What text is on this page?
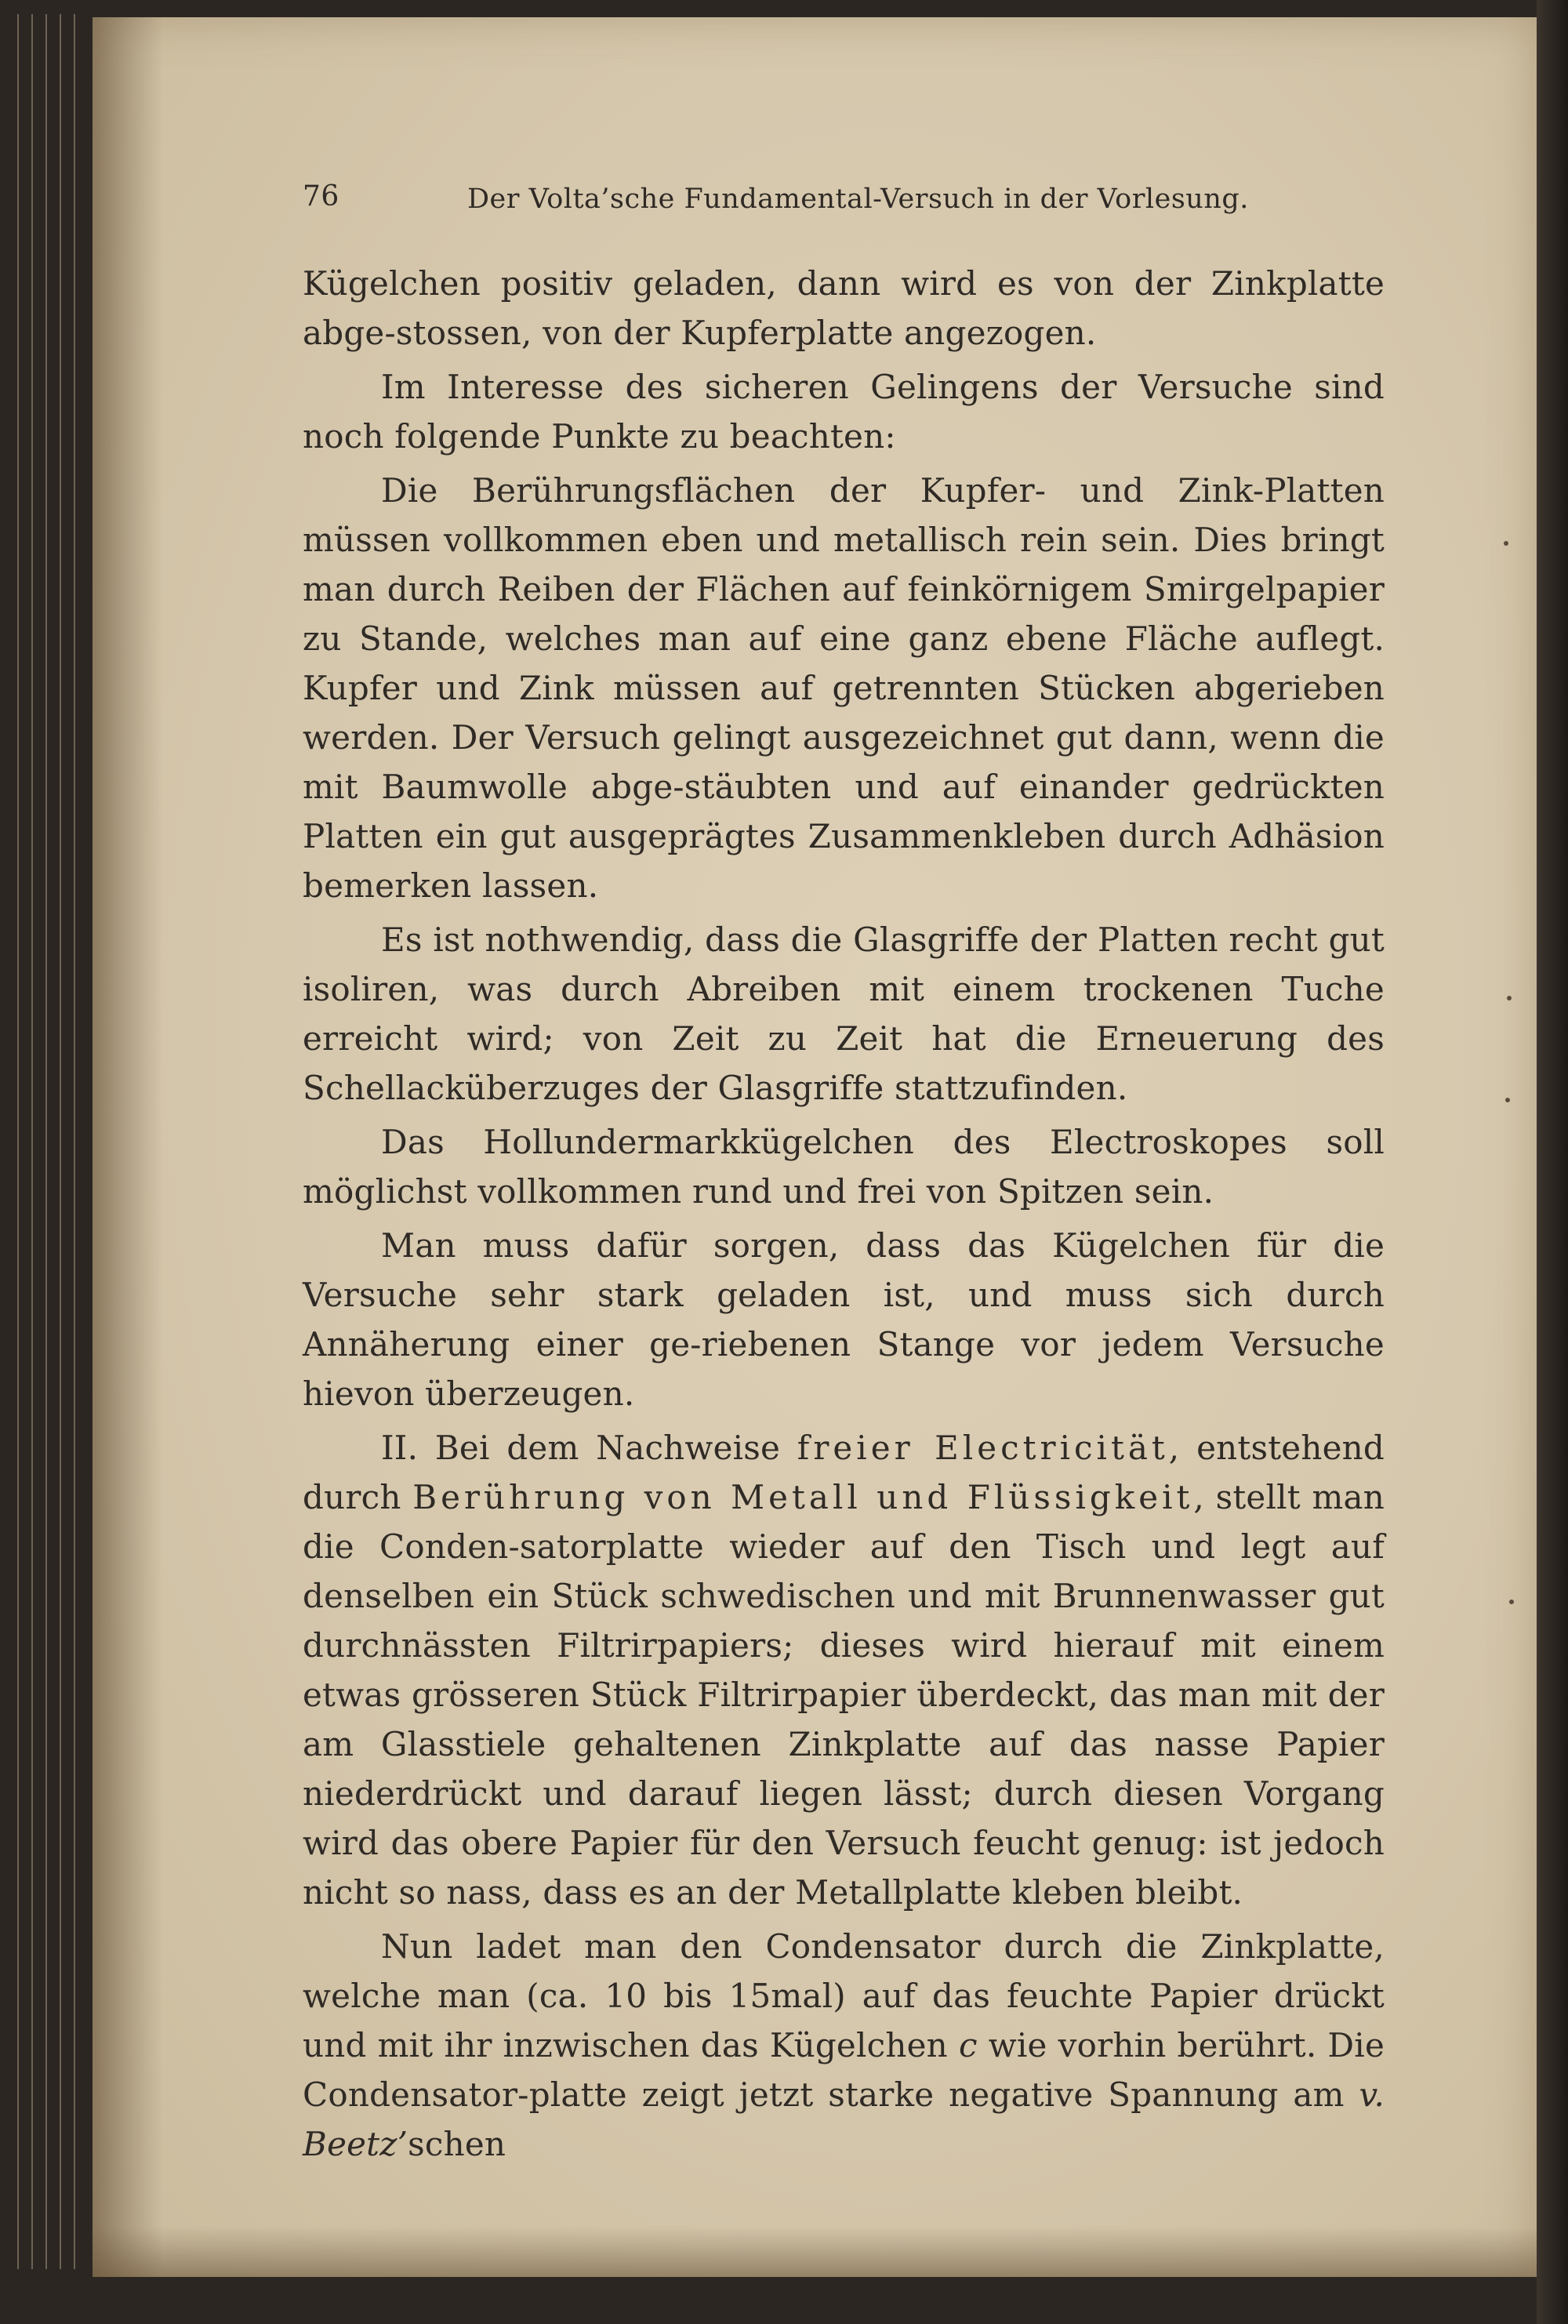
76	Der Volta’sche Fundamental-Versuch in der Vorlesung.

Kügelchen positiv geladen, dann wird es von der Zinkplatte abge-stossen, von der Kupferplatte angezogen.

Im Interesse des sicheren Gelingens der Versuche sind noch folgende Punkte zu beachten:

Die Berührungsflächen der Kupfer- und Zink-Platten müssen vollkommen eben und metallisch rein sein. Dies bringt man durch Reiben der Flächen auf feinkörnigem Smirgelpapier zu Stande, welches man auf eine ganz ebene Fläche auflegt. Kupfer und Zink müssen auf getrennten Stücken abgerieben werden. Der Versuch gelingt ausgezeichnet gut dann, wenn die mit Baumwolle abge-stäubten und auf einander gedrückten Platten ein gut ausgeprägtes Zusammenkleben durch Adhäsion bemerken lassen.

Es ist nothwendig, dass die Glasgriffe der Platten recht gut isoliren, was durch Abreiben mit einem trockenen Tuche erreicht wird; von Zeit zu Zeit hat die Erneuerung des Schellacküberzuges der Glasgriffe stattzufinden.

Das Hollundermarkkügelchen des Electroskopes soll möglichst vollkommen rund und frei von Spitzen sein.

Man muss dafür sorgen, dass das Kügelchen für die Versuche sehr stark geladen ist, und muss sich durch Annäherung einer ge-riebenen Stange vor jedem Versuche hievon überzeugen.

II. Bei dem Nachweise freier Electricität, entstehend durch Berührung von Metall und Flüssigkeit, stellt man die Conden-satorplatte wieder auf den Tisch und legt auf denselben ein Stück schwedischen und mit Brunnenwasser gut durchnässten Filtrirpapiers; dieses wird hierauf mit einem etwas grösseren Stück Filtrirpapier überdeckt, das man mit der am Glasstiele gehaltenen Zinkplatte auf das nasse Papier niederdrückt und darauf liegen lässt; durch diesen Vorgang wird das obere Papier für den Versuch feucht genug: ist jedoch nicht so nass, dass es an der Metallplatte kleben bleibt.

Nun ladet man den Condensator durch die Zinkplatte, welche man (ca. 10 bis 15mal) auf das feuchte Papier drückt und mit ihr inzwischen das Kügelchen c wie vorhin berührt. Die Condensator-platte zeigt jetzt starke negative Spannung am v. Beetz’schen
